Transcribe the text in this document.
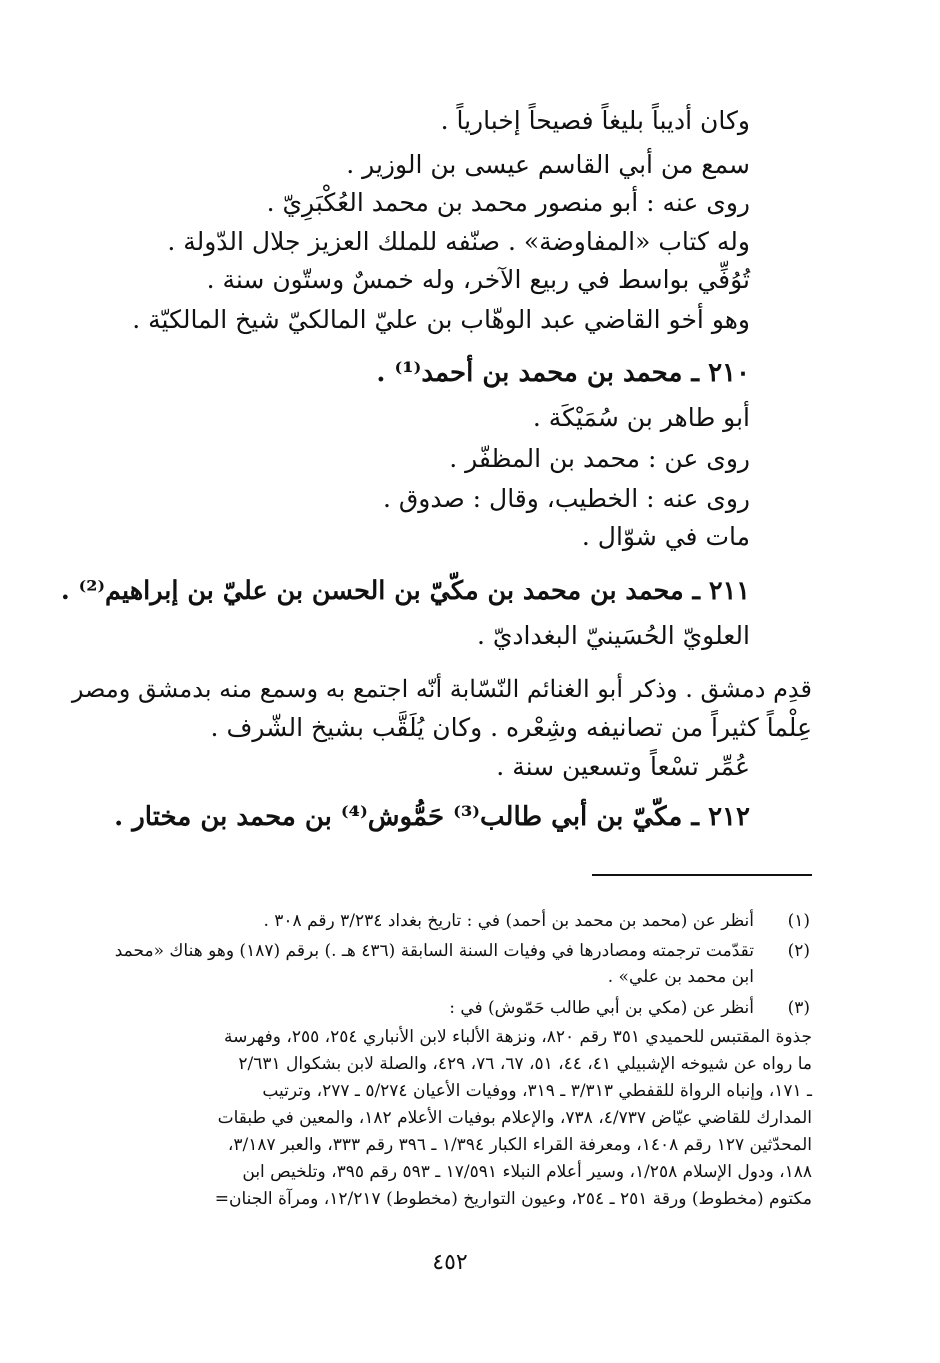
وكان أديباً بليغاً فصيحاً إخبارياً .
سمع من أبي القاسم عيسى بن الوزير .
روى عنه : أبو منصور محمد بن محمد العُكْبَرِيّ .
وله كتاب «المفاوضة» . صنّفه للملك العزيز جلال الدّولة .
تُوُفِّي بواسط في ربيع الآخر، وله خمسٌ وستّون سنة .
وهو أخو القاضي عبد الوهّاب بن عليّ المالكيّ شيخ المالكيّة .
٢١٠ ـ محمد بن محمد بن أحمد⁽¹⁾ .
أبو طاهر بن سُمَيْكَة .
روى عن : محمد بن المظفّر .
روى عنه : الخطيب، وقال : صدوق .
مات في شوّال .
٢١١ ـ محمد بن محمد بن مكّيّ بن الحسن بن عليّ بن إبراهيم⁽²⁾ .
العلويّ الحُسَينيّ البغداديّ .
قدِم دمشق . وذكر أبو الغنائم النّسّابة أنّه اجتمع به وسمع منه بدمشق ومصر
عِلْماً كثيراً من تصانيفه وشِعْره . وكان يُلَقَّب بشيخ الشّرف .
عُمِّر تسْعاً وتسعين سنة .
٢١٢ ـ مكّيّ بن أبي طالب⁽³⁾ حَمُّوش⁽⁴⁾ بن محمد بن مختار .
(١)
أنظر عن (محمد بن محمد بن أحمد) في : تاريخ بغداد ٣/٢٣٤ رقم ٣٠٨ .
(٢)
تقدّمت ترجمته ومصادرها في وفيات السنة السابقة (٤٣٦ هـ .) برقم (١٨٧) وهو هناك «محمد
ابن محمد بن علي» .
(٣)
أنظر عن (مكي بن أبي طالب حَمّوش) في :
جذوة المقتبس للحميدي ٣٥١ رقم ٨٢٠، ونزهة الألباء لابن الأنباري ٢٥٤، ٢٥٥، وفهرسة
ما رواه عن شيوخه الإشبيلي ٤١، ٤٤، ٥١، ٦٧، ٧٦، ٤٢٩، والصلة لابن بشكوال ٢/٦٣١
ـ ١٧١، وإنباه الرواة للقفطي ٣/٣١٣ ـ ٣١٩، ووفيات الأعيان ٥/٢٧٤ ـ ٢٧٧، وترتيب
المدارك للقاضي عيّاض ٤/٧٣٧، ٧٣٨، والإعلام بوفيات الأعلام ١٨٢، والمعين في طبقات
المحدّثين ١٢٧ رقم ١٤٠٨، ومعرفة القراء الكبار ١/٣٩٤ ـ ٣٩٦ رقم ٣٣٣، والعبر ٣/١٨٧،
١٨٨، ودول الإسلام ١/٢٥٨، وسير أعلام النبلاء ١٧/٥٩١ ـ ٥٩٣ رقم ٣٩٥، وتلخيص ابن
مكتوم (مخطوط) ورقة ٢٥١ ـ ٢٥٤، وعيون التواريخ (مخطوط) ١٢/٢١٧، ومرآة الجنان=
٤٥٢
